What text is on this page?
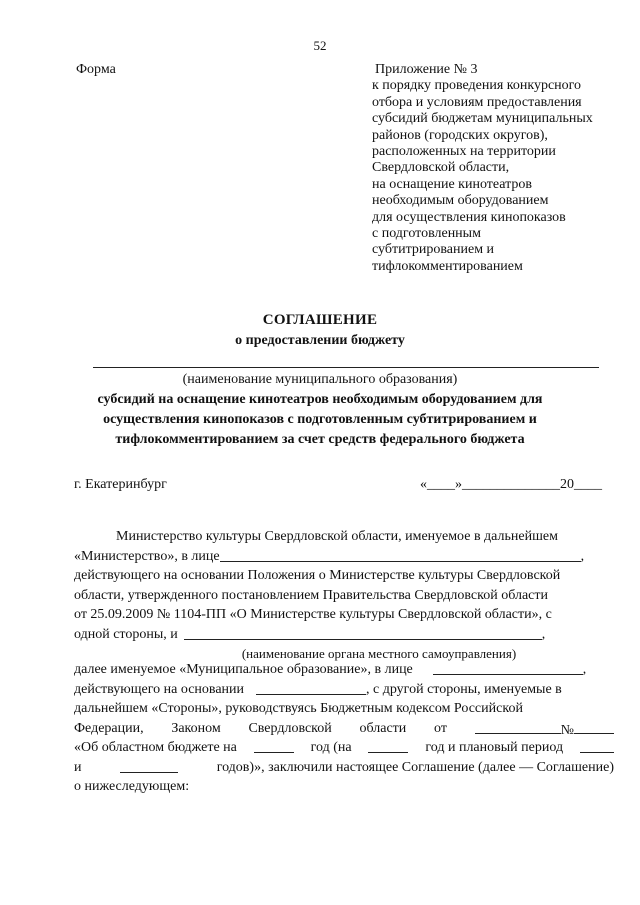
52
Форма	Приложение № 3
к порядку проведения конкурсного
отбора и условиям предоставления
субсидий бюджетам муниципальных
районов (городских округов),
расположенных на территории
Свердловской области,
на оснащение кинотеатров
необходимым оборудованием
для осуществления кинопоказов
с подготовленным
субтитрированием и
тифлокомментированием
СОГЛАШЕНИЕ
о предоставлении бюджету
(наименование муниципального образования)
субсидий на оснащение кинотеатров необходимым оборудованием для
осуществления кинопоказов с подготовленным субтитрированием и
тифлокомментированием за счет средств федерального бюджета
г. Екатеринбург	«____»______________20____
Министерство культуры Свердловской области, именуемое в дальнейшем
«Министерство», в лице	,
действующего на основании Положения о Министерстве культуры Свердловской
области, утвержденного постановлением Правительства Свердловской области
от 25.09.2009 № 1104-ПП «О Министерстве культуры Свердловской области», с
одной стороны, и	,
(наименование органа местного самоуправления)
далее именуемое «Муниципальное образование», в лице	,
действующего на основании	, с другой стороны, именуемые в
дальнейшем «Стороны», руководствуясь Бюджетным кодексом Российской
Федерации, Законом Свердловской области от	№
«Об областном бюджете на	год (на	год и плановый период
и	годов)», заключили настоящее Соглашение (далее — Соглашение)
о нижеследующем:
